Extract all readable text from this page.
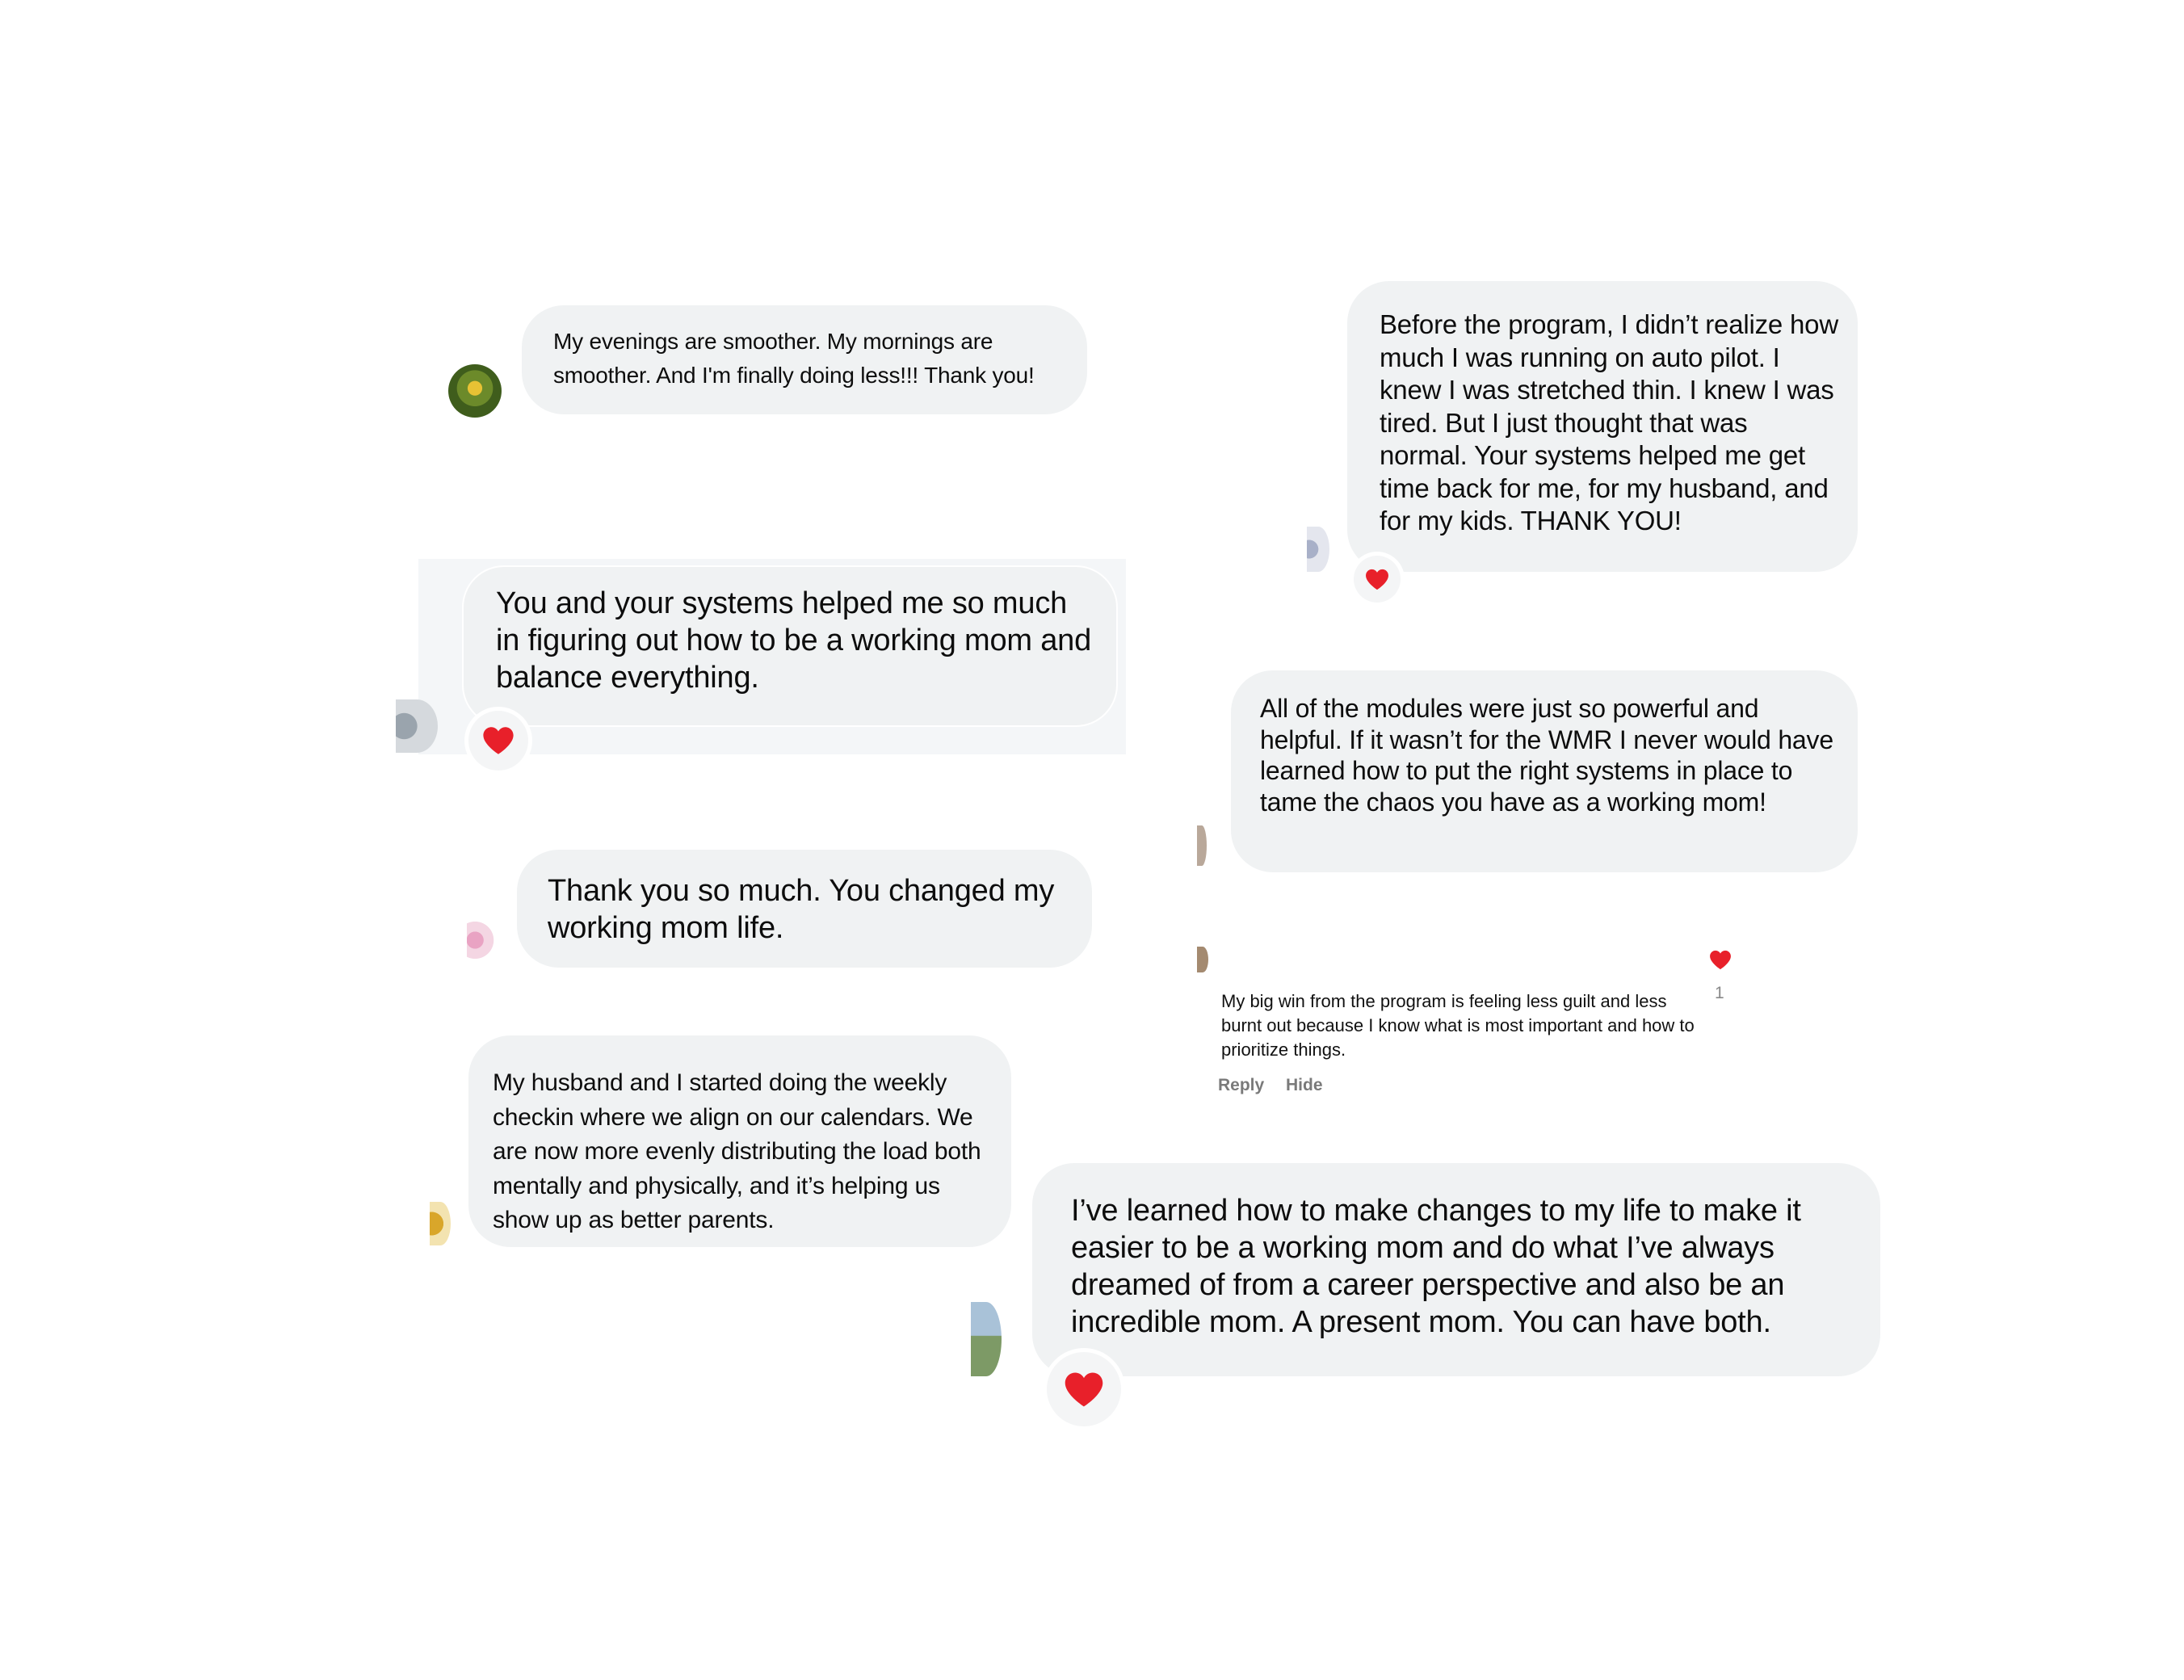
My evenings are smoother. My mornings are smoother. And I'm finally doing less!!! Thank you!
You and your systems helped me so much in figuring out how to be a working mom and balance everything.
Thank you so much. You changed my working mom life.
My husband and I started doing the weekly checkin where we align on our calendars. We are now more evenly distributing the load both mentally and physically, and it’s helping us show up as better parents.
Before the program, I didn’t realize how much I was running on auto pilot. I knew I was stretched thin. I knew I was tired. But I just thought that was normal. Your systems helped me get time back for me, for my husband, and for my kids. THANK YOU!
All of the modules were just so powerful and helpful. If it wasn’t for the WMR I never would have learned how to put the right systems in place to tame the chaos you have as a working mom!
1
My big win from the program is feeling less guilt and less burnt out because I know what is most important and how to prioritize things.
Reply Hide
I’ve learned how to make changes to my life to make it easier to be a working mom and do what I’ve always dreamed of from a career perspective and also be an incredible mom. A present mom. You can have both.
